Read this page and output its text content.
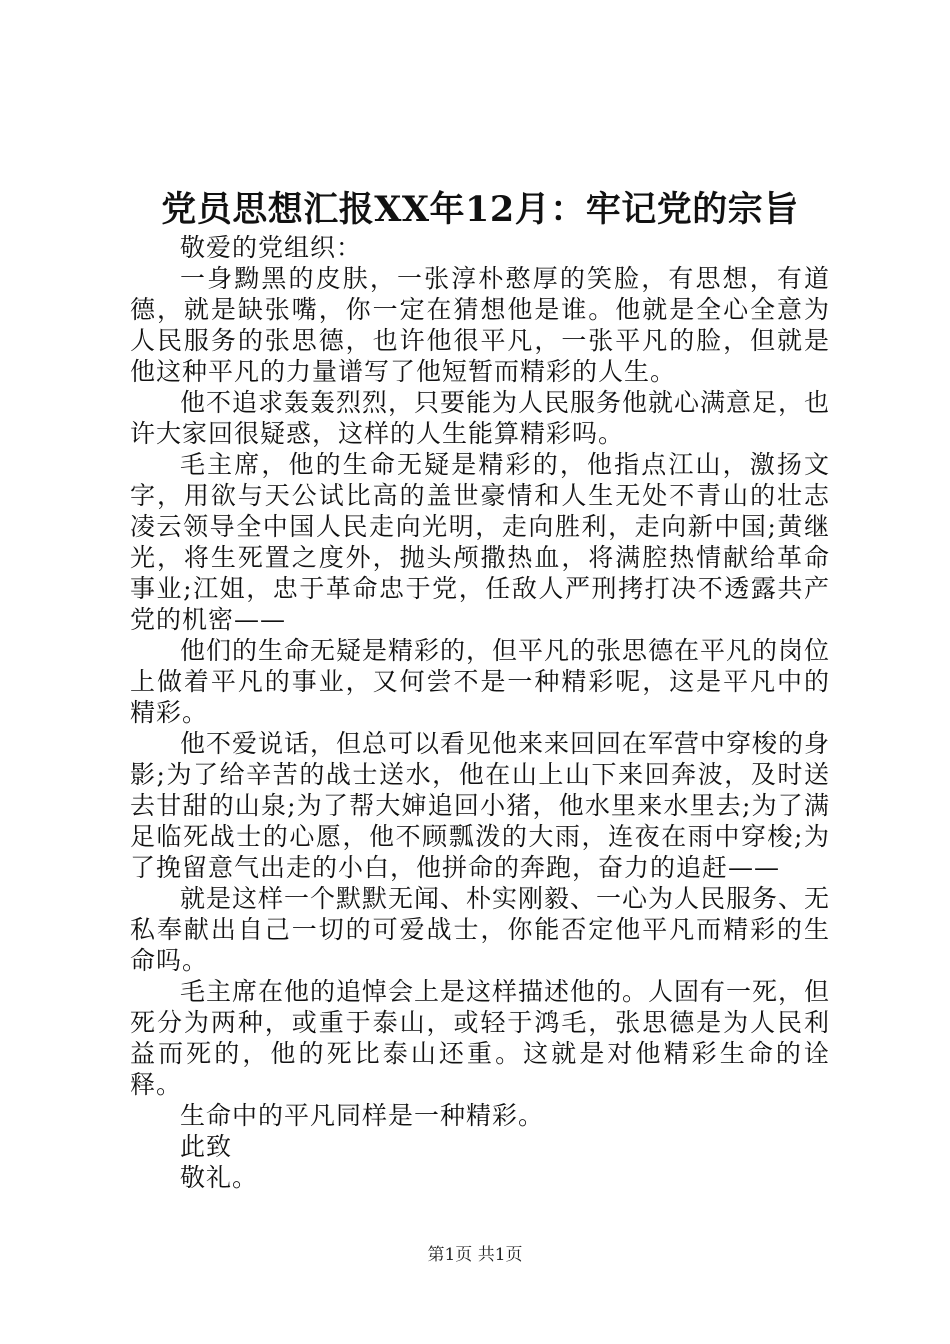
党员思想汇报XX年12月：牢记党的宗旨

敬爱的党组织：

一身黝黑的皮肤，一张淳朴憨厚的笑脸，有思想，有道德，就是缺张嘴，你一定在猜想他是谁。他就是全心全意为人民服务的张思德，也许他很平凡，一张平凡的脸，但就是他这种平凡的力量谱写了他短暂而精彩的人生。

他不追求轰轰烈烈，只要能为人民服务他就心满意足，也许大家回很疑惑，这样的人生能算精彩吗。

毛主席，他的生命无疑是精彩的，他指点江山，激扬文字，用欲与天公试比高的盖世豪情和人生无处不青山的壮志凌云领导全中国人民走向光明，走向胜利，走向新中国;黄继光，将生死置之度外，抛头颅撒热血，将满腔热情献给革命事业;江姐，忠于革命忠于党，任敌人严刑拷打决不透露共产党的机密——

他们的生命无疑是精彩的，但平凡的张思德在平凡的岗位上做着平凡的事业，又何尝不是一种精彩呢，这是平凡中的精彩。

他不爱说话，但总可以看见他来来回回在军营中穿梭的身影;为了给辛苦的战士送水，他在山上山下来回奔波，及时送去甘甜的山泉;为了帮大婶追回小猪，他水里来水里去;为了满足临死战士的心愿，他不顾瓢泼的大雨，连夜在雨中穿梭;为了挽留意气出走的小白，他拼命的奔跑，奋力的追赶——

就是这样一个默默无闻、朴实刚毅、一心为人民服务、无私奉献出自己一切的可爱战士，你能否定他平凡而精彩的生命吗。

毛主席在他的追悼会上是这样描述他的。人固有一死，但死分为两种，或重于泰山，或轻于鸿毛，张思德是为人民利益而死的，他的死比泰山还重。这就是对他精彩生命的诠释。

生命中的平凡同样是一种精彩。

此致

敬礼。

第1页 共1页
